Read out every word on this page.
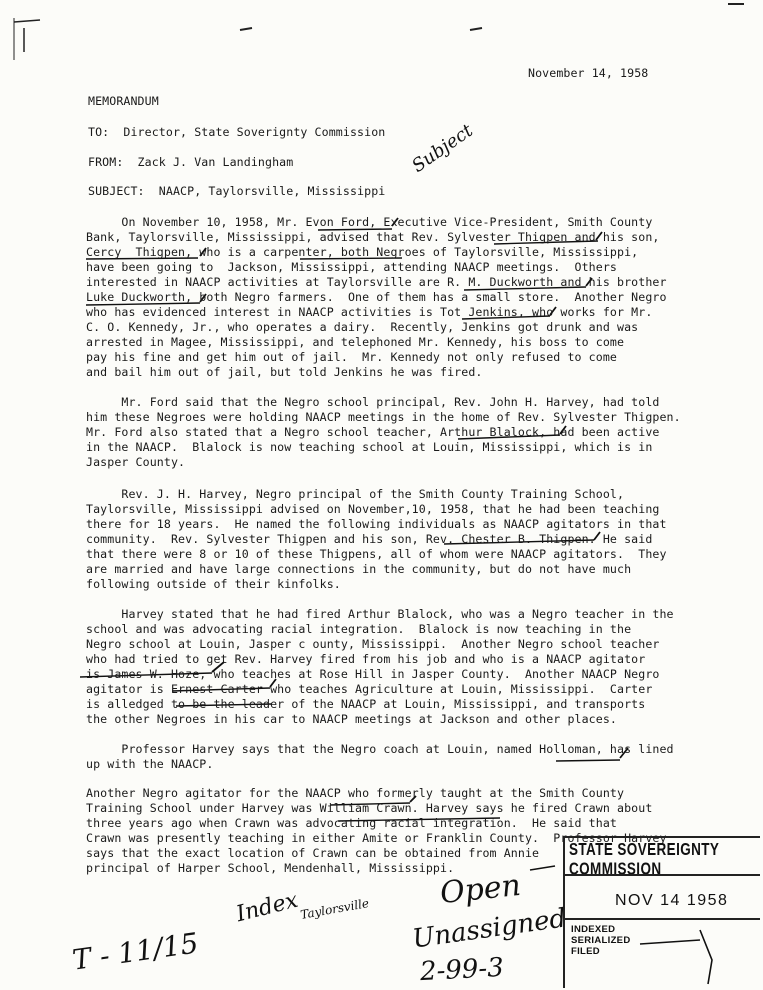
November 14, 1958
MEMORANDUM
TO:  Director, State Soverignty Commission
FROM:  Zack J. Van Landingham
SUBJECT:  NAACP, Taylorsville, Mississippi
On November 10, 1958, Mr. Evon Ford, Executive Vice-President, Smith County
Bank, Taylorsville, Mississippi, advised that Rev. Sylvester Thigpen and his son,
Cercy  Thigpen, who is a carpenter, both Negroes of Taylorsville, Mississippi,
have been going to  Jackson, Mississippi, attending NAACP meetings.  Others
interested in NAACP activities at Taylorsville are R. M. Duckworth and his brother
Luke Duckworth, both Negro farmers.  One of them has a small store.  Another Negro
who has evidenced interest in NAACP activities is Tot Jenkins, who works for Mr.
C. O. Kennedy, Jr., who operates a dairy.  Recently, Jenkins got drunk and was
arrested in Magee, Mississippi, and telephoned Mr. Kennedy, his boss to come
pay his fine and get him out of jail.  Mr. Kennedy not only refused to come
and bail him out of jail, but told Jenkins he was fired.
Mr. Ford said that the Negro school principal, Rev. John H. Harvey, had told
him these Negroes were holding NAACP meetings in the home of Rev. Sylvester Thigpen.
Mr. Ford also stated that a Negro school teacher, Arthur Blalock, had been active
in the NAACP.  Blalock is now teaching school at Louin, Mississippi, which is in
Jasper County.
Rev. J. H. Harvey, Negro principal of the Smith County Training School,
Taylorsville, Mississippi advised on November,10, 1958, that he had been teaching
there for 18 years.  He named the following individuals as NAACP agitators in that
community.  Rev. Sylvester Thigpen and his son, Rev. Chester B. Thigpen. He said
that there were 8 or 10 of these Thigpens, all of whom were NAACP agitators.  They
are married and have large connections in the community, but do not have much
following outside of their kinfolks.
Harvey stated that he had fired Arthur Blalock, who was a Negro teacher in the
school and was advocating racial integration.  Blalock is now teaching in the
Negro school at Louin, Jasper c ounty, Mississippi.  Another Negro school teacher
who had tried to get Rev. Harvey fired from his job and who is a NAACP agitator
is James W. Hoze, who teaches at Rose Hill in Jasper County.  Another NAACP Negro
agitator is Ernest Carter who teaches Agriculture at Louin, Mississippi.  Carter
is alledged to be the leader of the NAACP at Louin, Mississippi, and transports
the other Negroes in his car to NAACP meetings at Jackson and other places.
Professor Harvey says that the Negro coach at Louin, named Holloman, has lined
up with the NAACP.
Another Negro agitator for the NAACP who formerly taught at the Smith County
Training School under Harvey was William Crawn. Harvey says he fired Crawn about
three years ago when Crawn was advocating racial integration.  He said that
Crawn was presently teaching in either Amite or Franklin County.  Professor Harvey
says that the exact location of Crawn can be obtained from Annie
principal of Harper School, Mendenhall, Mississippi.
STATE SOVEREIGNTY COMMISSION
NOV 14 1958
INDEXED
SERIALIZED
FILED
Subject
Index
Taylorsville Open
Unassigned
T - 11/15	2-99-3
